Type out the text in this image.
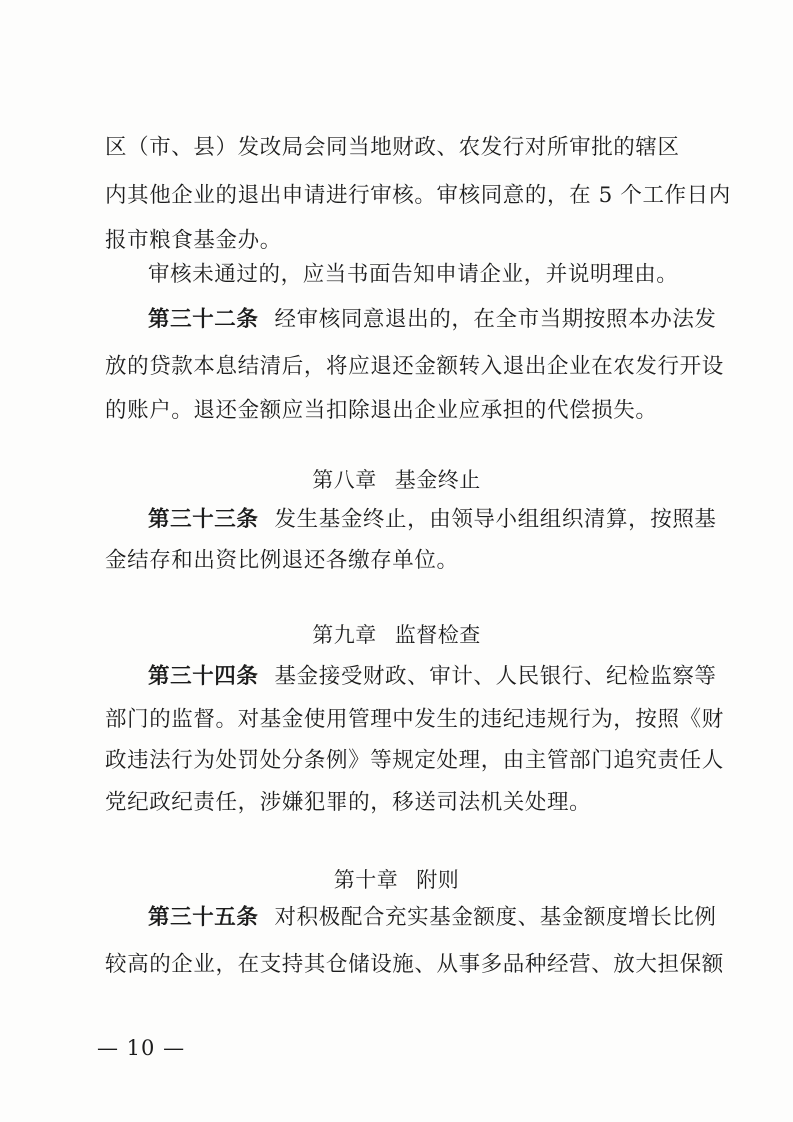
区（市、县）发改局会同当地财政、农发行对所审批的辖区
内其他企业的退出申请进行审核。审核同意的，在 5 个工作日内
报市粮食基金办。
审核未通过的，应当书面告知申请企业，并说明理由。
第三十二条 经审核同意退出的，在全市当期按照本办法发
放的贷款本息结清后，将应退还金额转入退出企业在农发行开设
的账户。退还金额应当扣除退出企业应承担的代偿损失。
第八章 基金终止
第三十三条 发生基金终止，由领导小组组织清算，按照基
金结存和出资比例退还各缴存单位。
第九章 监督检查
第三十四条 基金接受财政、审计、人民银行、纪检监察等
部门的监督。对基金使用管理中发生的违纪违规行为，按照《财
政违法行为处罚处分条例》等规定处理，由主管部门追究责任人
党纪政纪责任，涉嫌犯罪的，移送司法机关处理。
第十章 附则
第三十五条 对积极配合充实基金额度、基金额度增长比例
较高的企业，在支持其仓储设施、从事多品种经营、放大担保额
— 10 —
